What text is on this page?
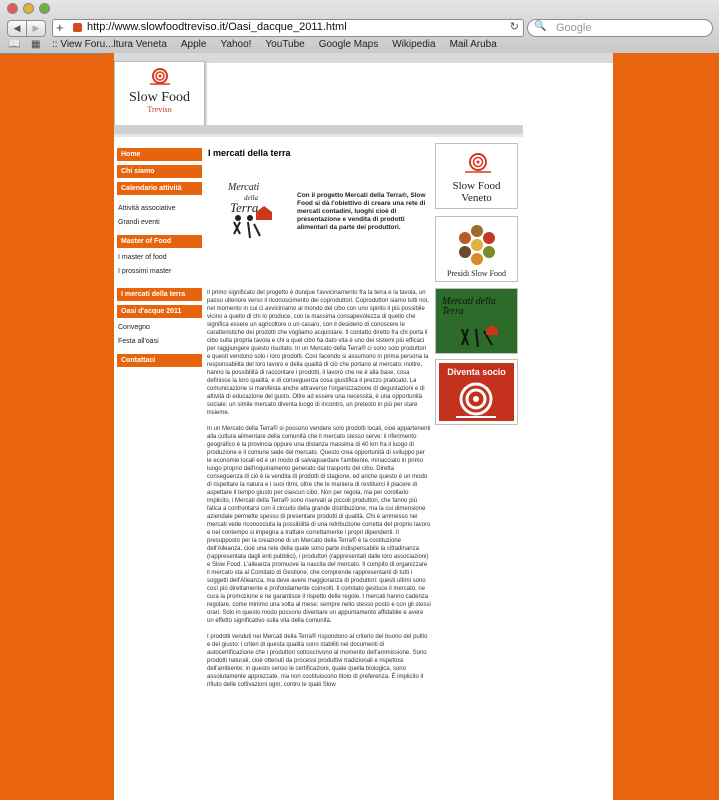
◀	▶	+ http://www.slowfoodtreviso.it/Oasi_dacque_2011.html	↻ 🔍 Google
📖 ▦ :: View Foru...ltura Veneta Apple Yahoo! YouTube Google Maps Wikipedia Mail Aruba
Slow Food
Treviso
Home
Chi siamo
Calendario attività
Attività associative
Grandi eventi
Master of Food
I master of food
I prossimi master
I mercati della terra
Oasi d'acque 2011
Convegno
Festa all'oasi
Contattaci
I mercati della terra
Mercati
della
Terra
Con il progetto Mercati della Terra®, Slow Food si dà l'obiettivo di creare una rete di mercati contadini, luoghi cioè di presentazione e vendita di prodotti alimentari da parte dei produttori.

Il primo significato del progetto è dunque l'avvicinamento fra la terra e la tavola, un passo ulteriore verso il riconoscimento dei coproduttori. Coproduttori siamo tutti noi, nel momento in cui ci avviciniamo al mondo del cibo con uno spirito il più possibile vicino a quello di chi lo produce, con la massima consapevolezza di quello che significa essere un agricoltore o un casaro, con il desiderio di conoscere le caratteristiche dei prodotti che vogliamo acquistare. Il contatto diretto fra chi porta il cibo sulla propria tavola e chi a quel cibo ha dato vita è uno dei sistemi più efficaci per raggiungere questo risultato. In un Mercato della Terra® ci sono solo produttori e questi vendono solo i loro prodotti. Così facendo si assumono in prima persona la responsabilità del loro lavoro e della qualità di ciò che portano al mercato; inoltre, hanno la possibilità di raccontare i prodotti, il lavoro che ne è alla base, cosa definisce la loro qualità, e di conseguenza cosa giustifica il prezzo praticato. La comunicazione si manifesta anche attraverso l'organizzazione di degustazioni e di attività di educazione del gusto. Oltre ad essere una necessità, è una opportunità sociale: un simile mercato diventa luogo di incontro, un pretesto in più per stare insieme.

In un Mercato della Terra® si possono vendere solo prodotti locali, cioè appartenenti alla cultura alimentare della comunità che il mercato stesso serve: il riferimento geografico è la provincia oppure una distanza massima di 40 km fra il luogo di produzione e il comune sede del mercato. Questo crea opportunità di sviluppo per le economie locali ed è un modo di salvaguardare l'ambiente, minacciato in primo luogo proprio dall'inquinamento generato dal trasporto del cibo. Diretta conseguenza di ciò è la vendita di prodotti di stagione, ed anche questo è un modo di rispettare la natura e i suoi ritmi, oltre che le maniera di restituirci il piacere di aspettare il tempo giusto per ciascun cibo. Non per regola, ma per corollario implicito, i Mercati della Terra® sono riservati ai piccoli produttori, che fanno più fatica a confrontarsi con il circuito della grande distribuzione, ma la cui dimensione aziendale permette spesso di presentare prodotti di qualità. Chi è ammesso nei mercati vede riconosciuta la possibilità di una retribuzione corretta del proprio lavoro e nel contempo si impegna a trattare correttamente i propri dipendenti. Il presupposto per la creazione di un Mercato della Terra® è la costituzione dell'Alleanza, cioè una rete della quale sono parte indispensabile la cittadinanza (rappresentata dagli enti pubblici), i produttori (rappresentati dalle loro associazioni) e Slow Food. L'alleanza promuove la nascita del mercato. Il compito di organizzare il mercato sta al Comitato di Gestione, che comprende rappresentanti di tutti i soggetti dell'Alleanza, ma deve avere maggioranza di produttori: questi ultimi sono così più direttamente e profondamente coinvolti. Il comitato gestisce il mercato, ne cura la promozione e ne garantisce il rispetto delle regole. I mercati hanno cadenza regolare, come minimo una volta al mese; sempre nello stesso posto e con gli stessi orari. Solo in questo modo possono diventare un appuntamento affidabile e avere un effetto significativo sulla vita della comunità.

I prodotti venduti nei Mercati della Terra® rispondono al criterio del buono del pulito e del giusto: i criteri di questa qualità sono stabiliti nei documenti di autocertificazione che i produttori sottoscrivono al momento dell'ammissione. Sono prodotti naturali, cioè ottenuti da processi produttivi tradizionali e rispettosi dell'ambiente; in questo senso le certificazioni, quale quella biologica, sono assolutamente apprezzate, ma non costituiscono titolo di preferenza. È implicito il rifiuto delle coltivazioni ogm, contro le quali Slow

Slow Food Veneto
Presìdi Slow Food
Mercati della Terra
Diventa socio
